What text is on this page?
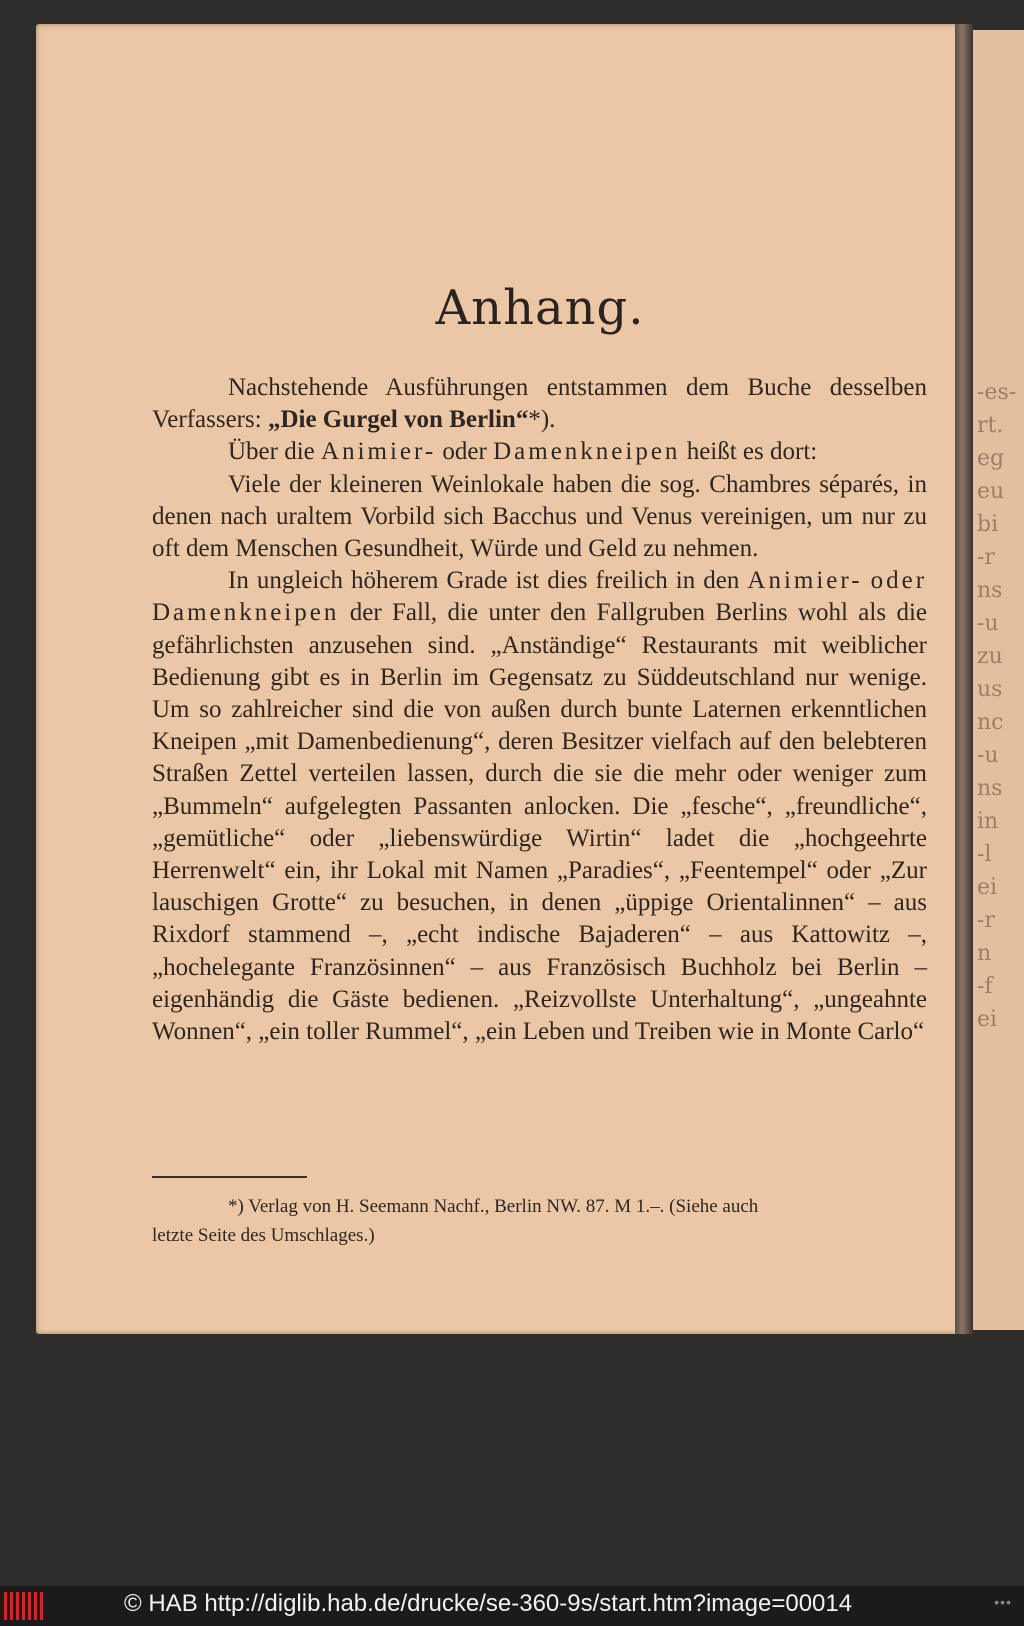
-es-
rt.
eg
eu
bi
-r
ns
-u
zu
us
nc
-u
ns
in
-l
ei
-r
n
-f
ei
Anhang.

Nachstehende Ausführungen entstammen dem Buche desselben Verfassers: „Die Gurgel von Berlin“*).

Über die Animier- oder Damenkneipen heißt es dort:

Viele der kleineren Weinlokale haben die sog. Chambres séparés, in denen nach uraltem Vorbild sich Bacchus und Venus vereinigen, um nur zu oft dem Menschen Gesundheit, Würde und Geld zu nehmen.

In ungleich höherem Grade ist dies freilich in den Animier- oder Damenkneipen der Fall, die unter den Fallgruben Berlins wohl als die gefährlichsten anzusehen sind. „Anständige“ Restaurants mit weiblicher Bedienung gibt es in Berlin im Gegensatz zu Süddeutschland nur wenige. Um so zahlreicher sind die von außen durch bunte Laternen erkenntlichen Kneipen „mit Damenbedienung“, deren Besitzer vielfach auf den belebteren Straßen Zettel verteilen lassen, durch die sie die mehr oder weniger zum „Bummeln“ aufgelegten Passanten anlocken. Die „fesche“, „freundliche“, „gemütliche“ oder „liebenswürdige Wirtin“ ladet die „hochgeehrte Herrenwelt“ ein, ihr Lokal mit Namen „Paradies“, „Feentempel“ oder „Zur lauschigen Grotte“ zu besuchen, in denen „üppige Orientalinnen“ – aus Rixdorf stammend –, „echt indische Bajaderen“ – aus Kattowitz –, „hochelegante Französinnen“ – aus Französisch Buchholz bei Berlin – eigenhändig die Gäste bedienen. „Reizvollste Unterhaltung“, „ungeahnte Wonnen“, „ein toller Rummel“, „ein Leben und Treiben wie in Monte Carlo“

*) Verlag von H. Seemann Nachf., Berlin NW. 87. M 1.–. (Siehe auch

letzte Seite des Umschlages.)
© HAB http://diglib.hab.de/drucke/se-360-9s/start.htm?image=00014	•••
